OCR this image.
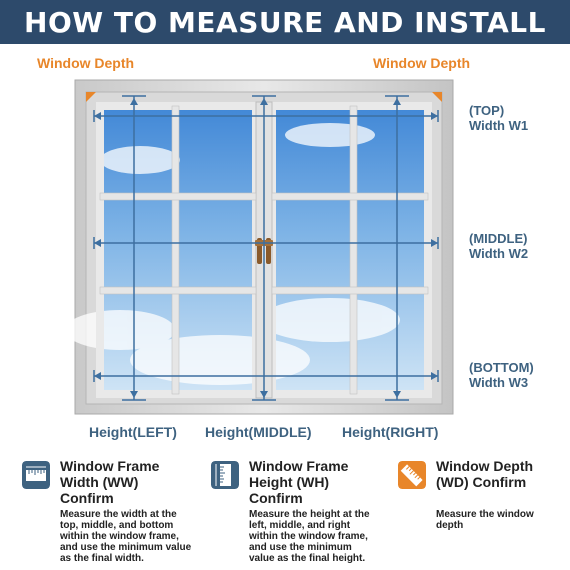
HOW TO MEASURE AND INSTALL
Window Depth	Window Depth
(TOP)
Width W1
(MIDDLE)
Width W2
(BOTTOM)
Width W3
Height(LEFT) Height(MIDDLE) Height(RIGHT)
Window Frame
Width (WW)
Confirm
Measure the width at the
top, middle, and bottom
within the window frame,
and use the minimum value
as the final width.
Window Frame
Height (WH)
Confirm
Measure the height at the
left, middle, and right
within the window frame,
and use the minimum
value as the final height.
Window Depth
(WD) Confirm
Measure the window
depth
